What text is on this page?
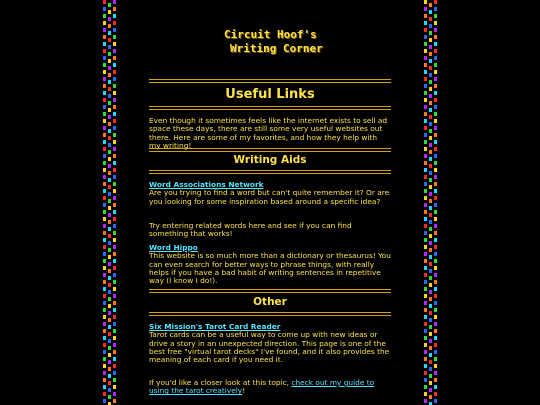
Circuit Hoof's
Writing Corner
Useful Links
Even though it sometimes feels like the internet exists to sell ad space these days, there are still some very useful websites out there. Here are some of my favorites, and how they help with my writing!
Writing Aids
Word Associations Network
Are you trying to find a word but can't quite remember it? Or are you looking for some inspiration based around a specific idea?
Try entering related words here and see if you can find something that works!
Word Hippo
This website is so much more than a dictionary or thesaurus! You can even search for better ways to phrase things, with really helps if you have a bad habit of writing sentences in repetitive way (I know I do!).
Other
Six Mission's Tarot Card Reader
Tarot cards can be a useful way to come up with new ideas or drive a story in an unexpected direction. This page is one of the best free "virtual tarot decks" I've found, and it also provides the meaning of each card if you need it.
If you'd like a closer look at this topic, check out my guide to using the tarot creatively!
